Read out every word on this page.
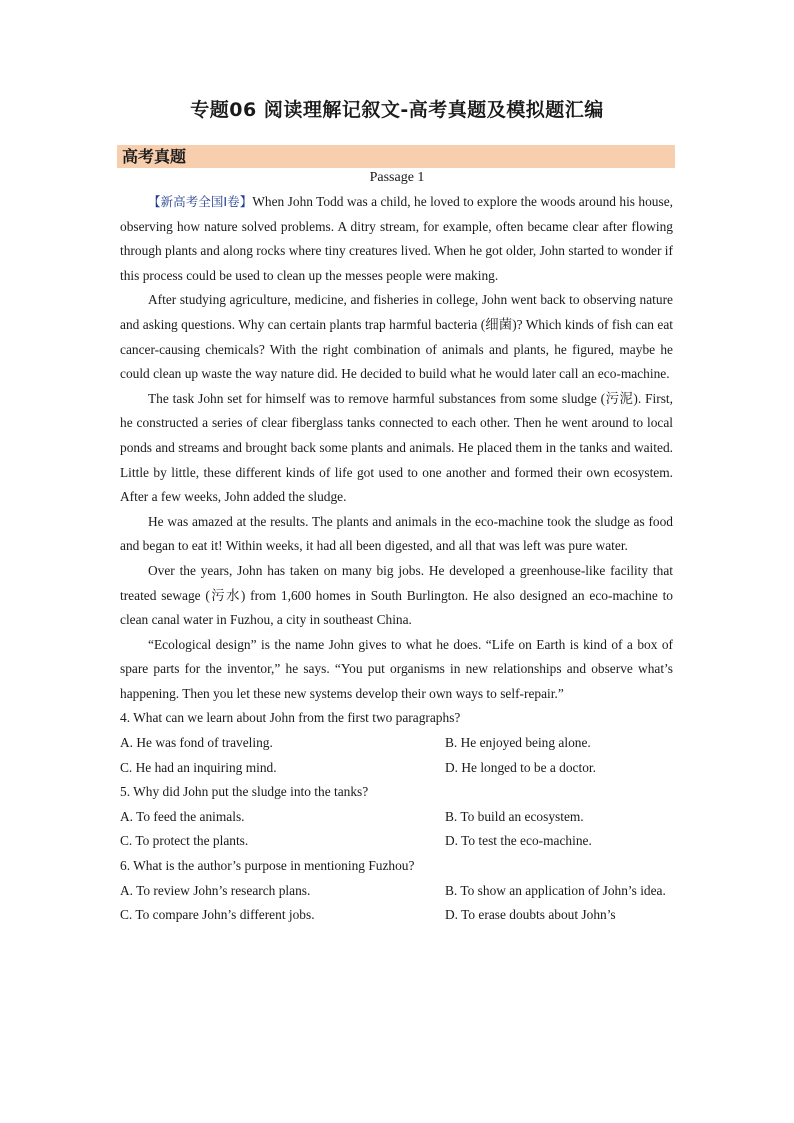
专题06 阅读理解记叙文-高考真题及模拟题汇编
高考真题
Passage 1

【新高考全国Ⅰ卷】When John Todd was a child, he loved to explore the woods around his house, observing how nature solved problems. A ditry stream, for example, often became clear after flowing through plants and along rocks where tiny creatures lived. When he got older, John started to wonder if this process could be used to clean up the messes people were making.

After studying agriculture, medicine, and fisheries in college, John went back to observing nature and asking questions. Why can certain plants trap harmful bacteria (细菌)? Which kinds of fish can eat cancer-causing chemicals? With the right combination of animals and plants, he figured, maybe he could clean up waste the way nature did. He decided to build what he would later call an eco-machine.

The task John set for himself was to remove harmful substances from some sludge (污泥). First, he constructed a series of clear fiberglass tanks connected to each other. Then he went around to local ponds and streams and brought back some plants and animals. He placed them in the tanks and waited. Little by little, these different kinds of life got used to one another and formed their own ecosystem. After a few weeks, John added the sludge.

He was amazed at the results. The plants and animals in the eco-machine took the sludge as food and began to eat it! Within weeks, it had all been digested, and all that was left was pure water.

Over the years, John has taken on many big jobs. He developed a greenhouse-like facility that treated sewage (污水) from 1,600 homes in South Burlington. He also designed an eco-machine to clean canal water in Fuzhou, a city in southeast China.

“Ecological design” is the name John gives to what he does. “Life on Earth is kind of a box of spare parts for the inventor,” he says. “You put organisms in new relationships and observe what’s happening. Then you let these new systems develop their own ways to self-repair.”

4. What can we learn about John from the first two paragraphs?

A. He was fond of traveling.	B. He enjoyed being alone.
C. He had an inquiring mind.	D. He longed to be a doctor.

5. Why did John put the sludge into the tanks?

A. To feed the animals.	B. To build an ecosystem.
C. To protect the plants.	D. To test the eco-machine.

6. What is the author’s purpose in mentioning Fuzhou?

A. To review John’s research plans.	B. To show an application of John’s idea.
C. To compare John’s different jobs.	D. To erase doubts about John’s
